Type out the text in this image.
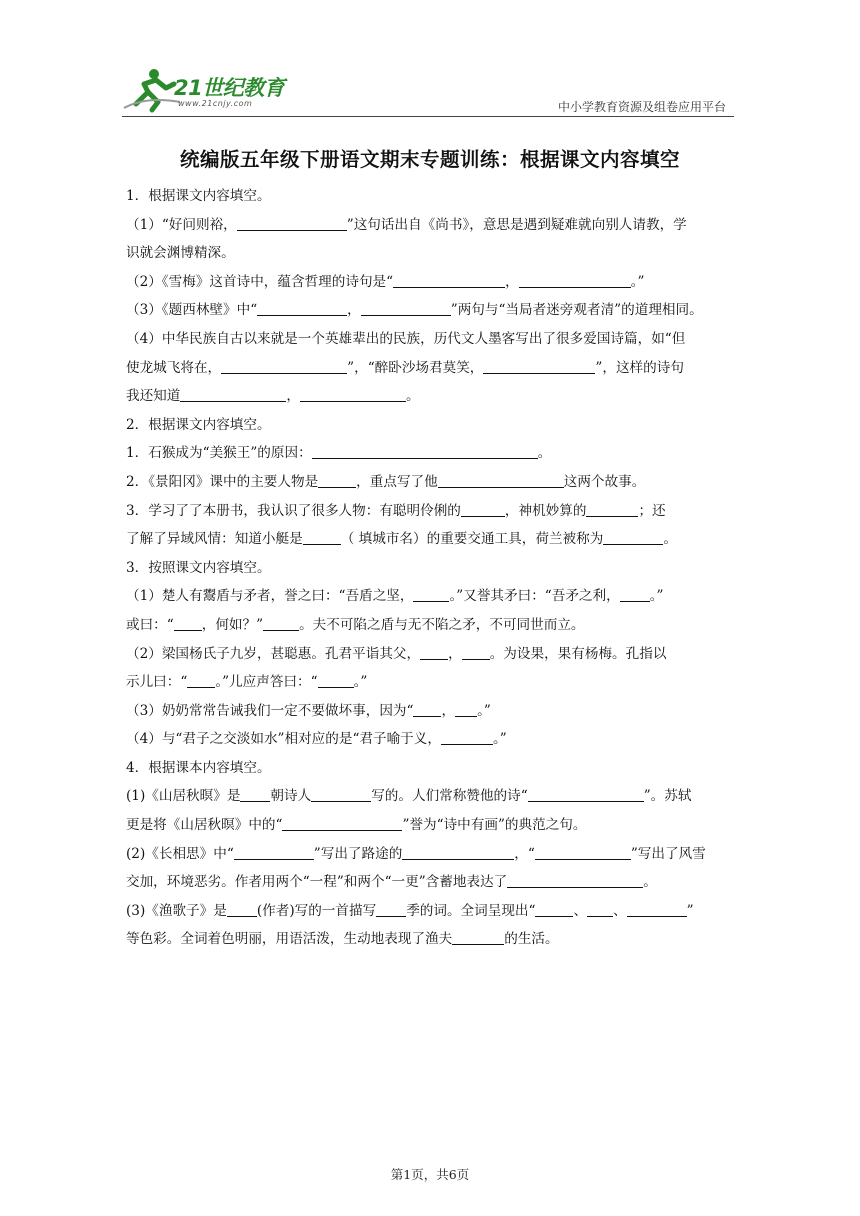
21世纪教育
www.21cnjy.com	中小学教育资源及组卷应用平台
统编版五年级下册语文期末专题训练：根据课文内容填空

1．根据课文内容填空。

（1）“好问则裕，	”这句话出自《尚书》，意思是遇到疑难就向别人请教，学

识就会渊博精深。

（2）《雪梅》这首诗中，蕴含哲理的诗句是“	，	。”

（3）《题西林壁》中“	，	”两句与“当局者迷旁观者清”的道理相同。

（4）中华民族自古以来就是一个英雄辈出的民族，历代文人墨客写出了很多爱国诗篇，如“但

使龙城飞将在，	”，“醉卧沙场君莫笑，	”，这样的诗句

我还知道	，	。

2．根据课文内容填空。

1．石猴成为“美猴王”的原因：	。

2．《景阳冈》课中的主要人物是	，重点写了他	这两个故事。

3．学习了了本册书，我认识了很多人物：有聪明伶俐的	，神机妙算的	；还

了解了异域风情：知道小艇是	（ 填城市名）的重要交通工具，荷兰被称为	。

3．按照课文内容填空。

（1）楚人有鬻盾与矛者，誉之曰：“吾盾之坚，	。”又誉其矛曰：“吾矛之利， 。”

或曰：“ ，何如？”	。夫不可陷之盾与无不陷之矛，不可同世而立。

（2）梁国杨氏子九岁，甚聪惠。孔君平诣其父， ， 。为设果，果有杨梅。孔指以

示儿曰：“ 。”儿应声答曰：“	。”

（3）奶奶常常告诫我们一定不要做坏事，因为“ ， 。”

（4）与“君子之交淡如水”相对应的是“君子喻于义，	。”

4．根据课本内容填空。

(1)《山居秋暝》是 朝诗人	写的。人们常称赞他的诗“	”。苏轼

更是将《山居秋暝》中的“	”誉为“诗中有画”的典范之句。

(2)《长相思》中“	”写出了路途的	，“	”写出了风雪

交加，环境恶劣。作者用两个“一程”和两个“一更”含蓄地表达了	。

(3)《渔歌子》是 (作者)写的一首描写 季的词。全词呈现出“	、 、	”

等色彩。全词着色明丽，用语活泼，生动地表现了渔夫	的生活。

第1页，共6页
